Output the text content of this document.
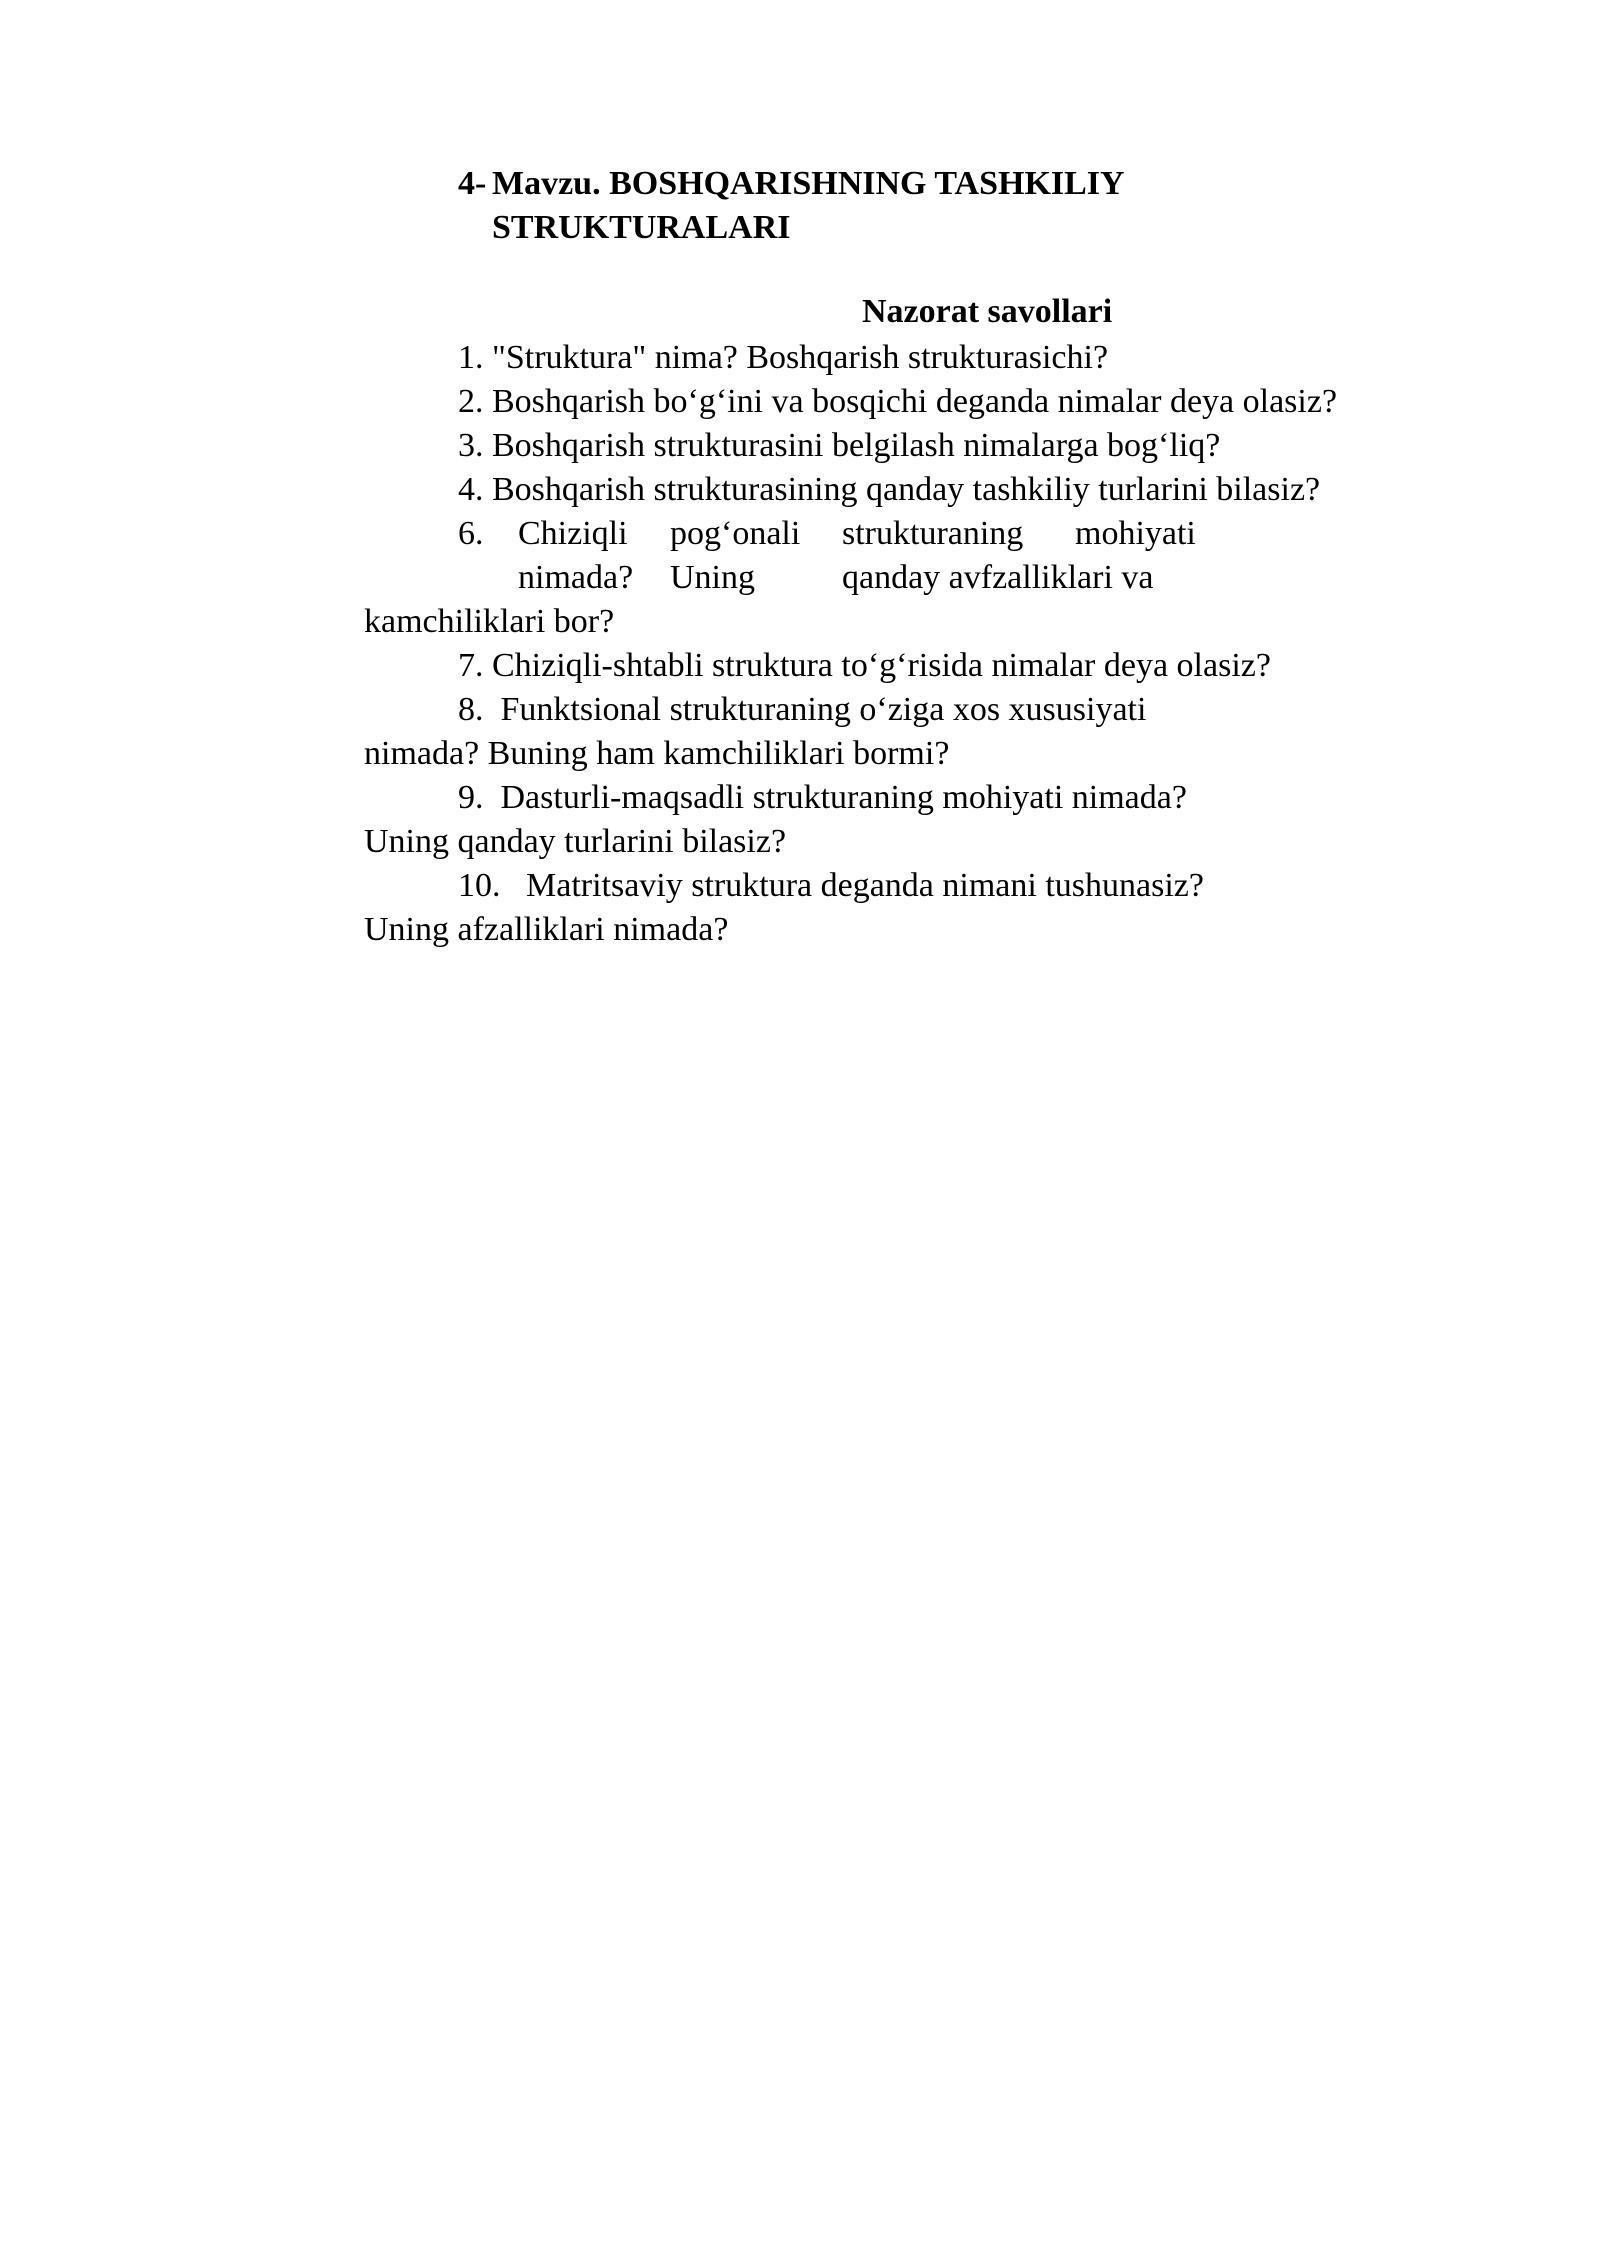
4- Mavzu. BOSHQARISHNING TASHKILIY
STRUKTURALARI
Nazorat savollari
1. "Struktura" nima? Boshqarish strukturasichi?
2. Boshqarish bo‘g‘ini va bosqichi deganda nimalar deya olasiz?
3. Boshqarish strukturasini belgilash nimalarga bog‘liq?
4. Boshqarish strukturasining qanday tashkiliy turlarini bilasiz?
6. Chiziqli pog‘onali strukturaning mohiyati
nimada? Uning	qanday avfzalliklari va
kamchiliklari bor?
7. Chiziqli-shtabli struktura to‘g‘risida nimalar deya olasiz?
8.  Funktsional strukturaning o‘ziga xos xususiyati
nimada? Buning ham kamchiliklari bormi?
9.  Dasturli-maqsadli strukturaning mohiyati nimada?
Uning qanday turlarini bilasiz?
10.   Matritsaviy struktura deganda nimani tushunasiz?
Uning afzalliklari nimada?
